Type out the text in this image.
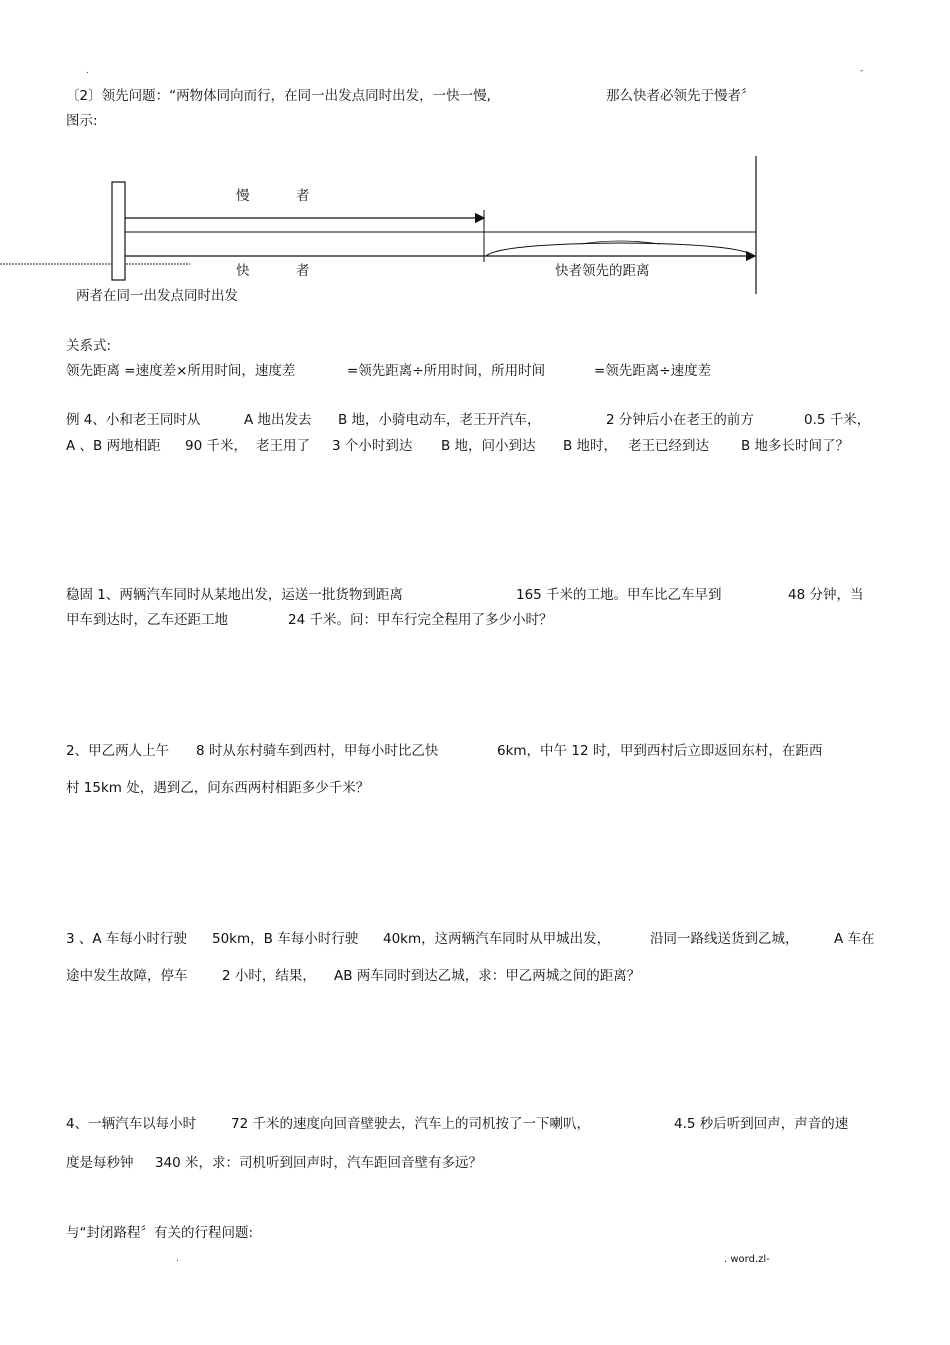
.	-
〔2〕领先问题：“两物体同向而行，在同一出发点同时出发，一快一慢,	那么快者必领先于慢者〞
图示:
慢	者
快	者	快者领先的距离
两者在同一出发点同时出发
关系式:
领先距离 =速度差×所用时间，速度差	=领先距离÷所用时间，所用时间	=领先距离÷速度差
例 4、小和老王同时从	A 地出发去 B 地，小骑电动车，老王开汽车，	2 分钟后小在老王的前方	0.5 千米，
A 、B 两地相距 90 千米， 老王用了 3 个小时到达 B 地，问小到达 B 地时， 老王已经到达 B 地多长时间了？
稳固 1、两辆汽车同时从某地出发，运送一批货物到距离	165 千米的工地。甲车比乙车早到	48 分钟，当
甲车到达时，乙车还距工地	24 千米。问：甲车行完全程用了多少小时？
2、甲乙两人上午 8 时从东村骑车到西村，甲每小时比乙快	6km，中午 12 时，甲到西村后立即返回东村，在距西
村 15km 处，遇到乙，问东西两村相距多少千米？
3 、A 车每小时行驶 50km，B 车每小时行驶 40km，这两辆汽车同时从甲城出发，	沿同一路线送货到乙城，	A 车在
途中发生故障，停车	2 小时，结果， AB 两车同时到达乙城，求：甲乙两城之间的距离？
4、一辆汽车以每小时	72 千米的速度向回音壁驶去，汽车上的司机按了一下喇叭，	4.5 秒后听到回声，声音的速
度是每秒钟 340 米，求：司机听到回声时，汽车距回音壁有多远？
与“封闭路程〞有关的行程问题:
.	. word.zl-
